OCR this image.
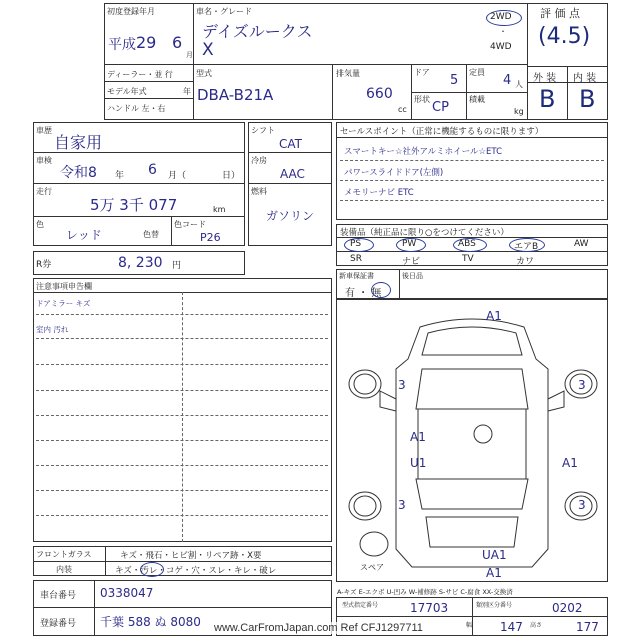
初度登録年月
平成 29 6
月
車名・グレード
デイズルークス
X
2WD
・
4WD
評 価 点
(4.5)
外 装 内 装
B B
ディーラー・並 行
モデル年式	年
ハンドル 左・右
型式
DBA-B21A
排気量
660
cc
ドア
5
定員
4 人
形状
CP
積載
kg
車歴
自家用
車検
令和8 年 6 月（	日）
走行
5万 3千 077	km
色
レッド	色替
色コード
P26
シフト
CAT
冷房
AAC
燃料
ガソリン
R券	8, 230 円
セールスポイント（正常に機能するものに限ります）
スマートキー☆社外アルミホイール☆ETC
パワースライドドア(左側)
メモリーナビ ETC
装備品（純正品に限り○をつけてください）
PS	PW	ABS	エアB	AW
SR	ナビ	TV	カワ
新車保証書
有 ・ 無
後日品
注意事項申告欄
ドアミラー キズ
室内 汚れ
A1
3	3
A1
U1	A1
3	3
UA1
A1
スペア
フロントガラス	キズ・飛石・ヒビ割・リペア跡・X要
内装	キズ・汚レ・コゲ・穴・スレ・キレ・破レ
車台番号 0338047
登録番号 千葉 588 ぬ 8080
A-キズ E-エクボ U-凹み W-補修跡 S-サビ C-腐食 XX-交換済
型式指定番号	17703	類別区分番号	0202
幅 147 高さ	177
www.CarFromJapan.com Ref CFJ1297711
